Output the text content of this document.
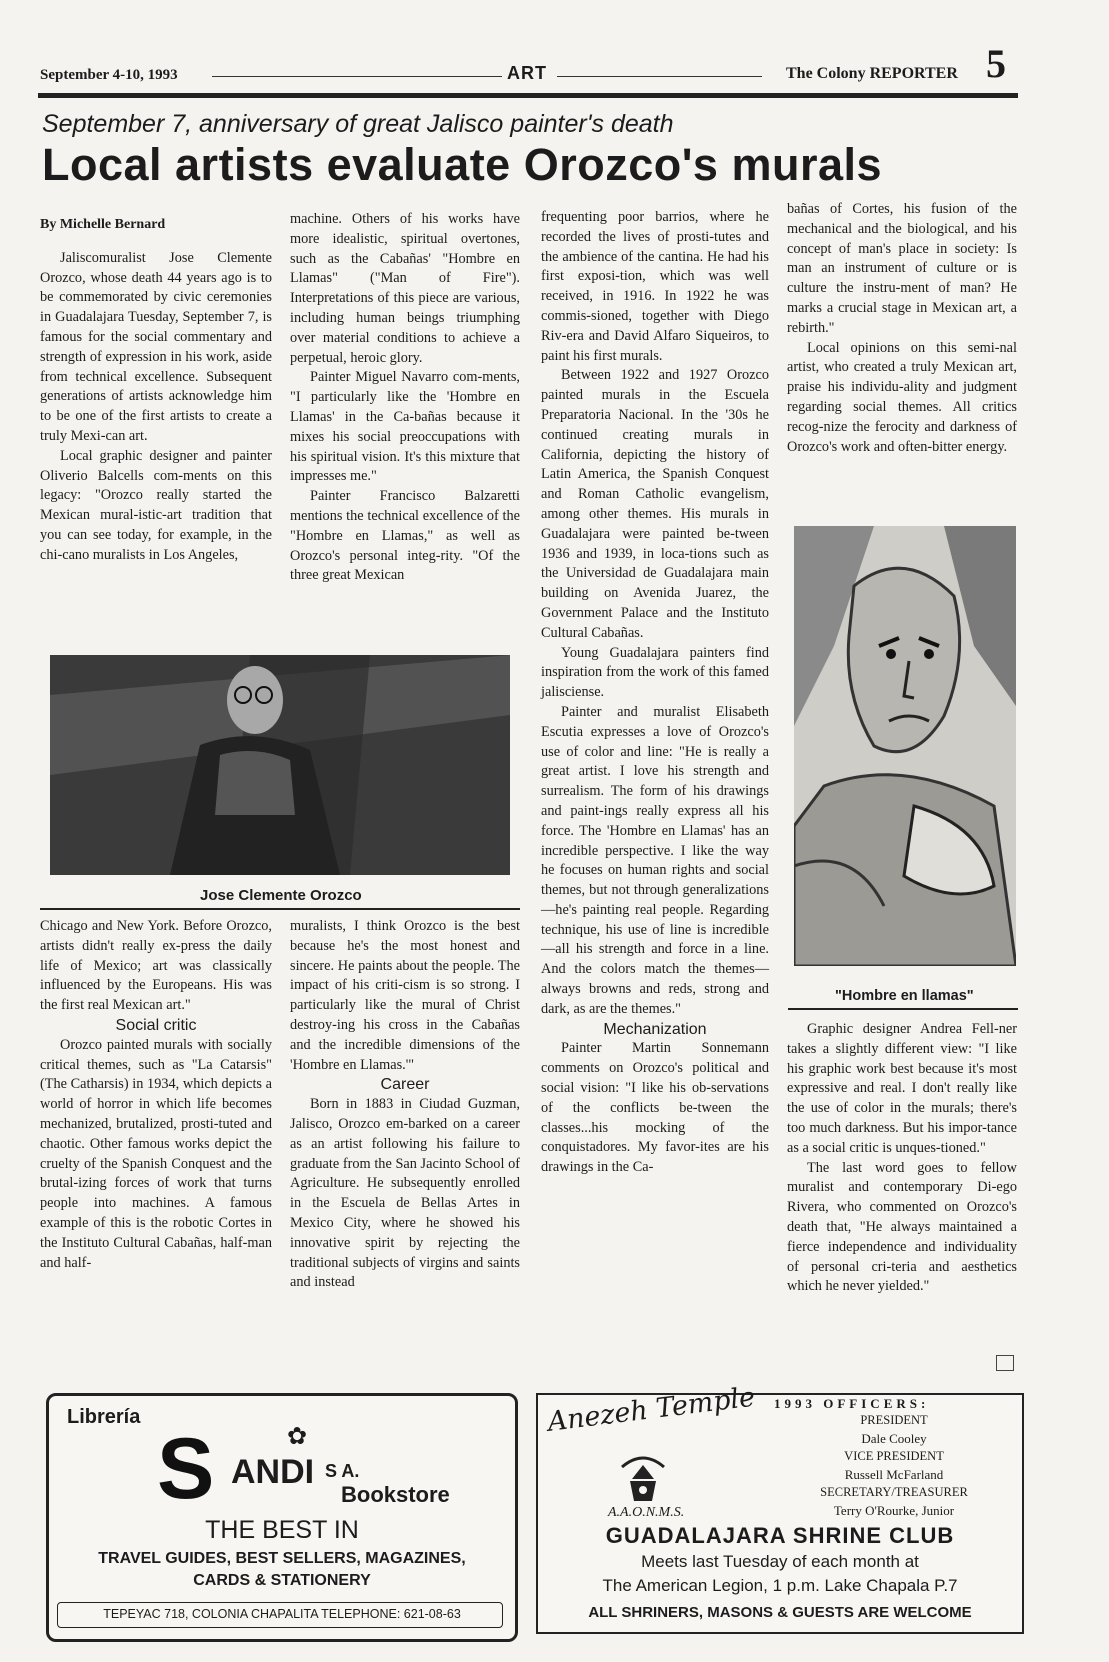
September 4-10, 1993	ART	The Colony REPORTER 5
September 7, anniversary of great Jalisco painter's death
Local artists evaluate Orozco's murals
By Michelle Bernard

Jaliscomuralist Jose Clemente Orozco, whose death 44 years ago is to be commemorated by civic ceremonies in Guadalajara Tuesday, September 7, is famous for the social commentary and strength of expression in his work, aside from technical excellence. Subsequent generations of artists acknowledge him to be one of the first artists to create a truly Mexi-can art.

Local graphic designer and painter Oliverio Balcells com-ments on this legacy: "Orozco really started the Mexican mural-istic-art tradition that you can see today, for example, in the chi-cano muralists in Los Angeles,

machine. Others of his works have more idealistic, spiritual overtones, such as the Cabañas' "Hombre en Llamas" ("Man of Fire"). Interpretations of this piece are various, including human beings triumphing over material conditions to achieve a perpetual, heroic glory.

Painter Miguel Navarro com-ments, "I particularly like the 'Hombre en Llamas' in the Ca-bañas because it mixes his social preoccupations with his spiritual vision. It's this mixture that impresses me."

Painter Francisco Balzaretti mentions the technical excellence of the "Hombre en Llamas," as well as Orozco's personal integ-rity. "Of the three great Mexican

frequenting poor barrios, where he recorded the lives of prosti-tutes and the ambience of the cantina. He had his first exposi-tion, which was well received, in 1916. In 1922 he was commis-sioned, together with Diego Riv-era and David Alfaro Siqueiros, to paint his first murals.

Between 1922 and 1927 Orozco painted murals in the Escuela Preparatoria Nacional. In the '30s he continued creating murals in California, depicting the history of Latin America, the Spanish Conquest and Roman Catholic evangelism, among other themes. His murals in Guadalajara were painted be-tween 1936 and 1939, in loca-tions such as the Universidad de Guadalajara main building on Avenida Juarez, the Government Palace and the Instituto Cultural Cabañas.

Young Guadalajara painters find inspiration from the work of this famed jalisciense.

Painter and muralist Elisabeth Escutia expresses a love of Orozco's use of color and line: "He is really a great artist. I love his strength and surrealism. The form of his drawings and paint-ings really express all his force. The 'Hombre en Llamas' has an incredible perspective. I like the way he focuses on human rights and social themes, but not through generalizations—he's painting real people. Regarding technique, his use of line is incredible—all his strength and force in a line. And the colors match the themes—always browns and reds, strong and dark, as are the themes."

Mechanization

Painter Martin Sonnemann comments on Orozco's political and social vision: "I like his ob-servations of the conflicts be-tween the classes...his mocking of the conquistadores. My favor-ites are his drawings in the Ca-

bañas of Cortes, his fusion of the mechanical and the biological, and his concept of man's place in society: Is man an instrument of culture or is culture the instru-ment of man? He marks a crucial stage in Mexican art, a rebirth."

Local opinions on this semi-nal artist, who created a truly Mexican art, praise his individu-ality and judgment regarding social themes. All critics recog-nize the ferocity and darkness of Orozco's work and often-bitter energy.

Jose Clemente Orozco

Chicago and New York. Before Orozco, artists didn't really ex-press the daily life of Mexico; art was classically influenced by the Europeans. His was the first real Mexican art."

Social critic

Orozco painted murals with socially critical themes, such as "La Catarsis" (The Catharsis) in 1934, which depicts a world of horror in which life becomes mechanized, brutalized, prosti-tuted and chaotic. Other famous works depict the cruelty of the Spanish Conquest and the brutal-izing forces of work that turns people into machines. A famous example of this is the robotic Cortes in the Instituto Cultural Cabañas, half-man and half-

muralists, I think Orozco is the best because he's the most honest and sincere. He paints about the people. The impact of his criti-cism is so strong. I particularly like the mural of Christ destroy-ing his cross in the Cabañas and the incredible dimensions of the 'Hombre en Llamas.'"

Career

Born in 1883 in Ciudad Guzman, Jalisco, Orozco em-barked on a career as an artist following his failure to graduate from the San Jacinto School of Agriculture. He subsequently enrolled in the Escuela de Bellas Artes in Mexico City, where he showed his innovative spirit by rejecting the traditional subjects of virgins and saints and instead

"Hombre en llamas"

Graphic designer Andrea Fell-ner takes a slightly different view: "I like his graphic work best because it's most expressive and real. I don't really like the use of color in the murals; there's too much darkness. But his impor-tance as a social critic is unques-tioned."

The last word goes to fellow muralist and contemporary Di-ego Rivera, who commented on Orozco's death that, "He always maintained a fierce independence and individuality of personal cri-teria and aesthetics which he never yielded."

Librería
S ANDI
✿
S A.
Bookstore
THE BEST IN
TRAVEL GUIDES, BEST SELLERS, MAGAZINES,
CARDS & STATIONERY
TEPEYAC 718, COLONIA CHAPALITA TELEPHONE: 621-08-63
Anezeh Temple
A.A.O.N.M.S.
1993 OFFICERS:
PRESIDENT
Dale Cooley
VICE PRESIDENT
Russell McFarland
SECRETARY/TREASURER
Terry O'Rourke, Junior
GUADALAJARA SHRINE CLUB
Meets last Tuesday of each month at
The American Legion, 1 p.m. Lake Chapala P.7
ALL SHRINERS, MASONS & GUESTS ARE WELCOME
